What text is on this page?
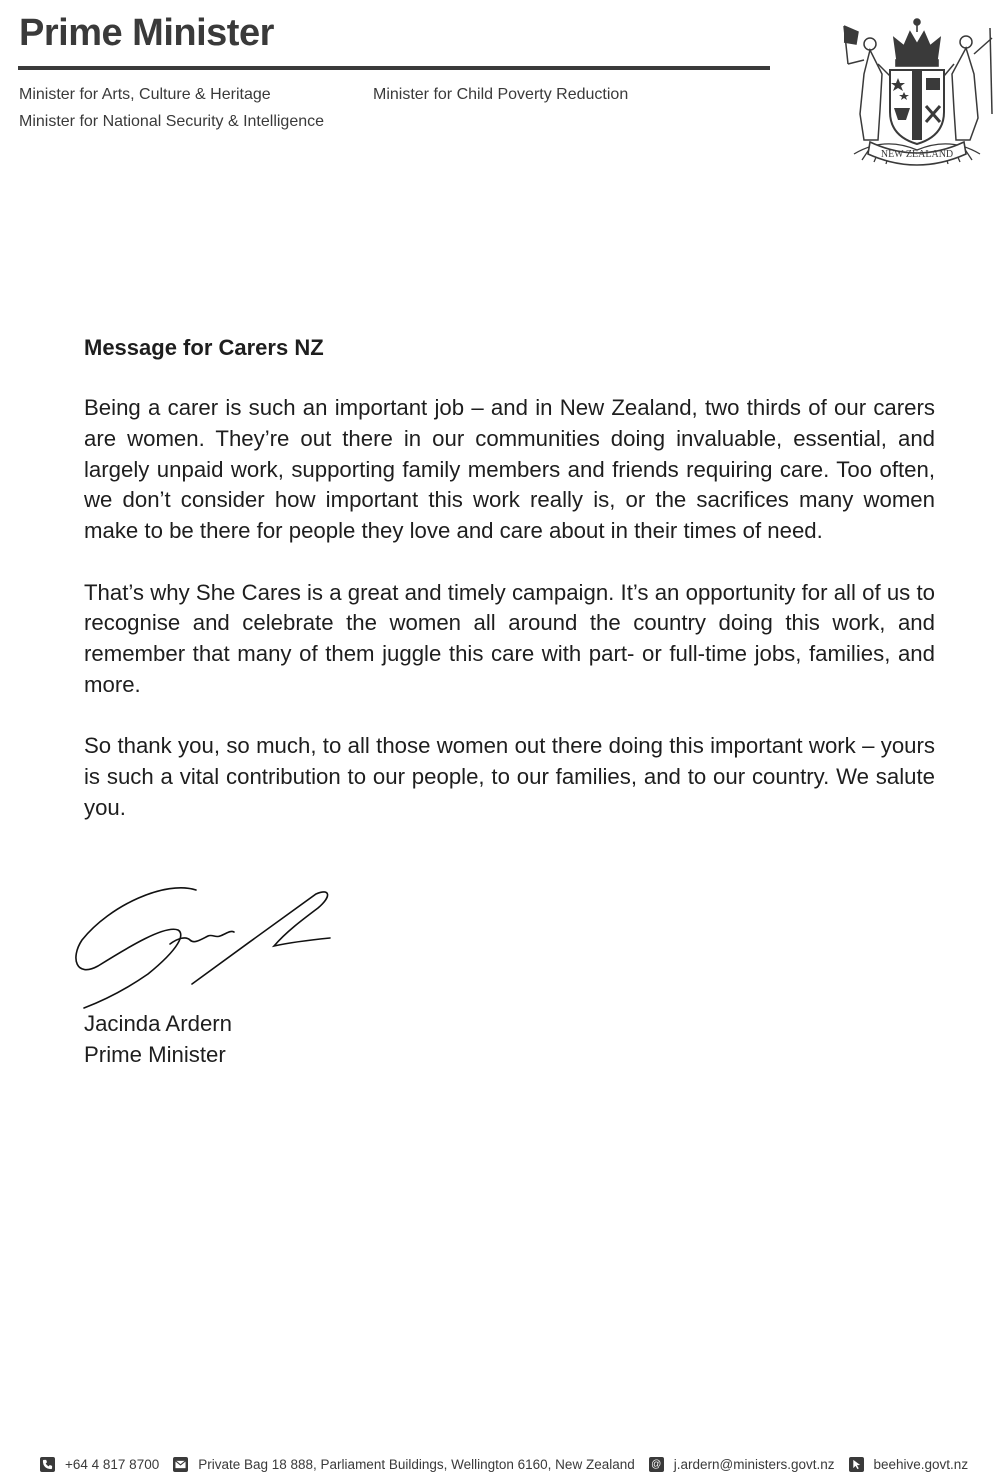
Prime Minister
Minister for Arts, Culture & Heritage	Minister for Child Poverty Reduction
Minister for National Security & Intelligence
NEW ZEALAND

Message for Carers NZ

Being a carer is such an important job – and in New Zealand, two thirds of our carers are women. They’re out there in our communities doing invaluable, essential, and largely unpaid work, supporting family members and friends requiring care. Too often, we don’t consider how important this work really is, or the sacrifices many women make to be there for people they love and care about in their times of need.

That’s why She Cares is a great and timely campaign. It’s an opportunity for all of us to recognise and celebrate the women all around the country doing this work, and remember that many of them juggle this care with part- or full-time jobs, families, and more.

So thank you, so much, to all those women out there doing this important work – yours is such a vital contribution to our people, to our families, and to our country. We salute you.

Jacinda Ardern
Prime Minister
+64 4 817 8700	Private Bag 18 888, Parliament Buildings, Wellington 6160, New Zealand @ j.ardern@ministers.govt.nz	beehive.govt.nz
